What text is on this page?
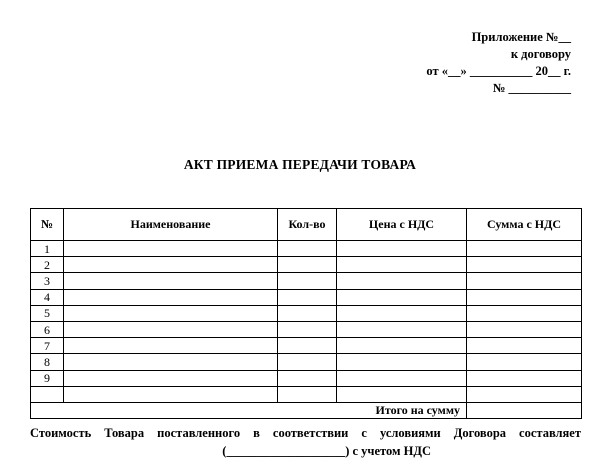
Приложение №__
к договору
от «__» __________ 20__ г.
№ __________
АКТ ПРИЕМА ПЕРЕДАЧИ ТОВАРА
№	Наименование	Кол-во	Цена с НДС	Сумма с НДС
1				
2				
3				
4				
5				
6				
7				
8				
9				

Итого на сумму				
Стоимость Товара поставленного в соответствии с условиями Договора составляет
(___________________) с учетом НДС
